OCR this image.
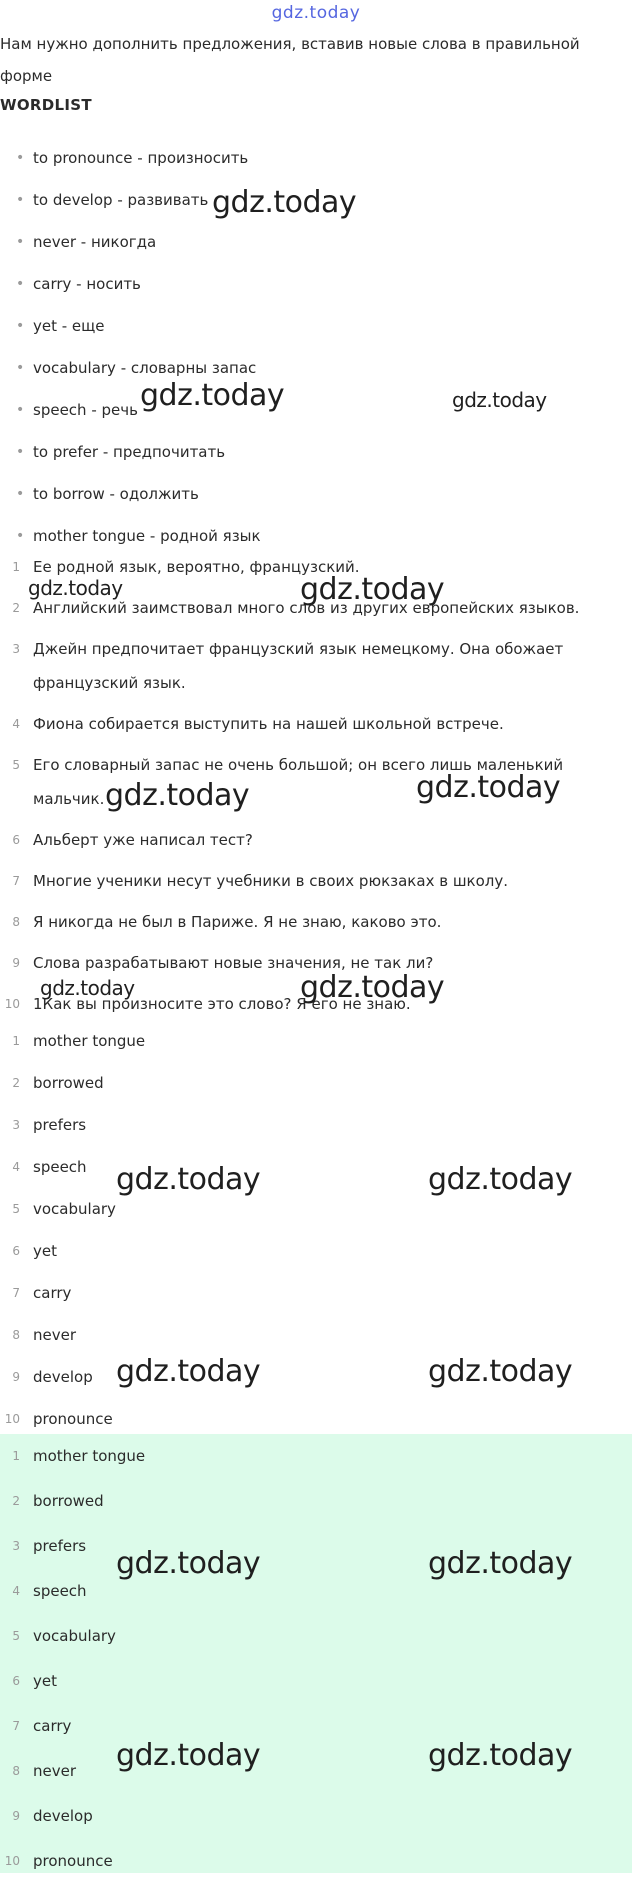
gdz.today
Нам нужно дополнить предложения, вставив новые слова в правильной форме
WORDLIST
• to pronounce - произносить
• to develop - развивать
• never - никогда
• carry - носить
• yet - еще
• vocabulary - словарны запас
• speech - речь
• to prefer - предпочитать
• to borrow - одолжить
• mother tongue - родной язык
1 Ее родной язык, вероятно, французский.
2 Английский заимствовал много слов из других европейских языков.
3 Джейн предпочитает французский язык немецкому. Она обожает французский язык.
4 Фиона собирается выступить на нашей школьной встрече.
5 Его словарный запас не очень большой; он всего лишь маленький мальчик.
6 Альберт уже написал тест?
7 Многие ученики несут учебники в своих рюкзаках в школу.
8 Я никогда не был в Париже. Я не знаю, каково это.
9 Слова разрабатывают новые значения, не так ли?
10 1Как вы произносите это слово? Я его не знаю.
1 mother tongue
2 borrowed
3 prefers
4 speech
5 vocabulary
6 yet
7 carry
8 never
9 develop
10 pronounce
1 mother tongue
2 borrowed
3 prefers
4 speech
5 vocabulary
6 yet
7 carry
8 never
9 develop
10 pronounce
gdz.today
gdz.today	gdz.today
gdz.today	gdz.today
gdz.today	gdz.today
gdz.today	gdz.today
gdz.today	gdz.today
gdz.today	gdz.today
gdz.today	gdz.today
gdz.today	gdz.today
